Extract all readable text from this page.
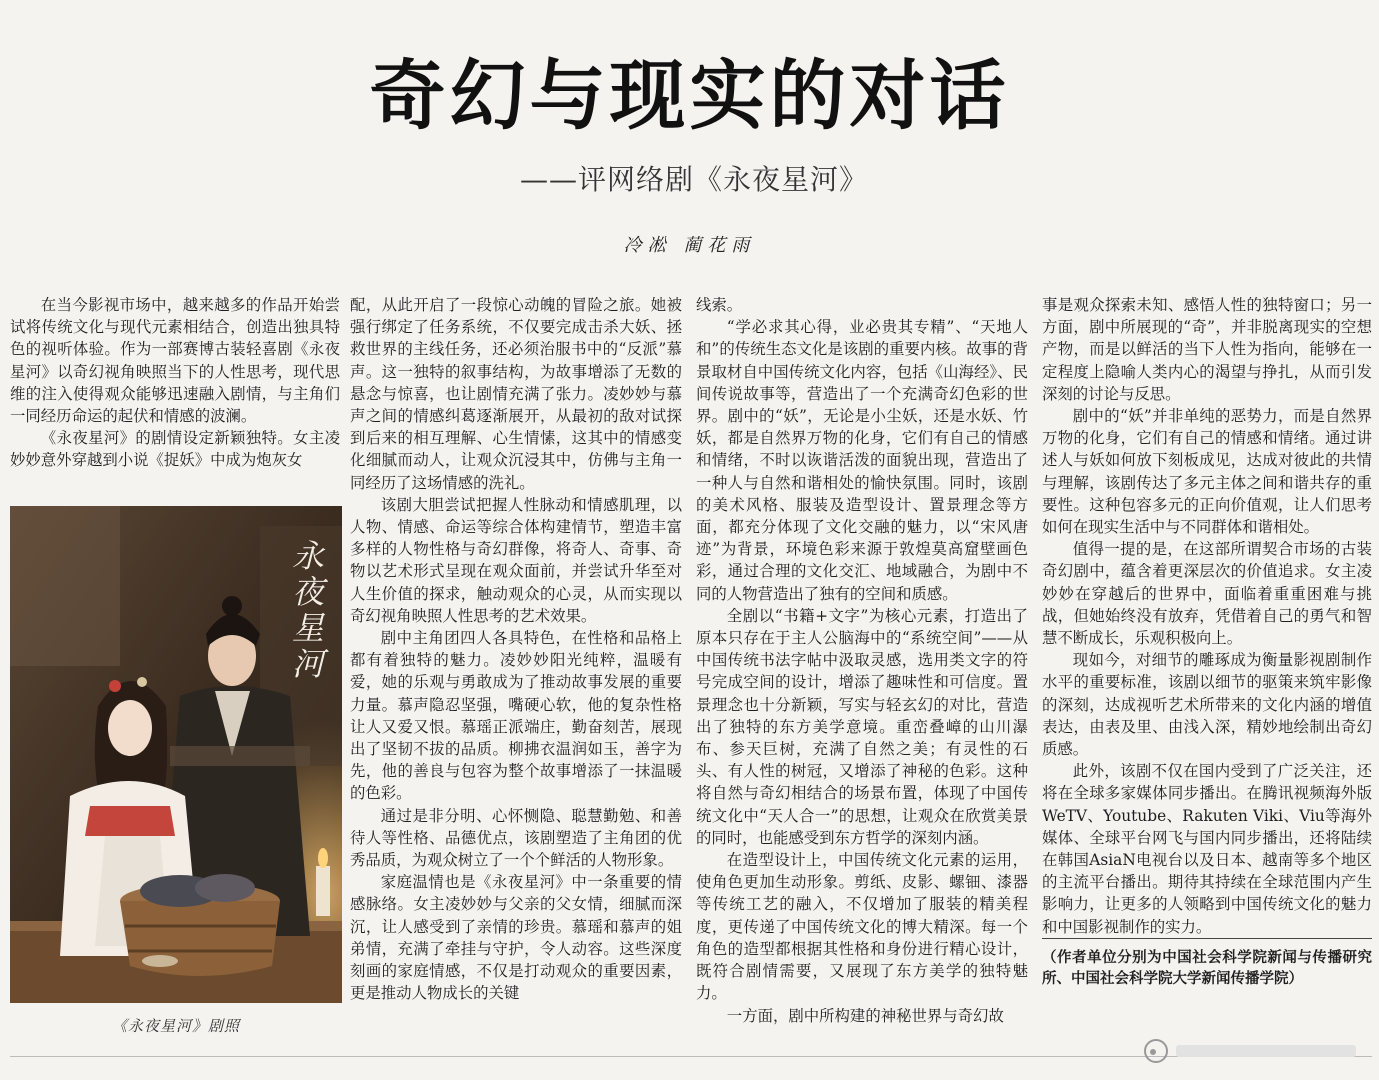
奇幻与现实的对话
——评网络剧《永夜星河》
冷凇 蔺花雨

在当今影视市场中，越来越多的作品开始尝试将传统文化与现代元素相结合，创造出独具特色的视听体验。作为一部赛博古装轻喜剧《永夜星河》以奇幻视角映照当下的人性思考，现代思维的注入使得观众能够迅速融入剧情，与主角们一同经历命运的起伏和情感的波澜。

《永夜星河》的剧情设定新颖独特。女主凌妙妙意外穿越到小说《捉妖》中成为炮灰女

永夜星河
《永夜星河》剧照

配，从此开启了一段惊心动魄的冒险之旅。她被强行绑定了任务系统，不仅要完成击杀大妖、拯救世界的主线任务，还必须治服书中的“反派”慕声。这一独特的叙事结构，为故事增添了无数的悬念与惊喜，也让剧情充满了张力。凌妙妙与慕声之间的情感纠葛逐渐展开，从最初的敌对试探到后来的相互理解、心生情愫，这其中的情感变化细腻而动人，让观众沉浸其中，仿佛与主角一同经历了这场情感的洗礼。

该剧大胆尝试把握人性脉动和情感肌理，以人物、情感、命运等综合体构建情节，塑造丰富多样的人物性格与奇幻群像，将奇人、奇事、奇物以艺术形式呈现在观众面前，并尝试升华至对人生价值的探求，触动观众的心灵，从而实现以奇幻视角映照人性思考的艺术效果。

剧中主角团四人各具特色，在性格和品格上都有着独特的魅力。凌妙妙阳光纯粹，温暖有爱，她的乐观与勇敢成为了推动故事发展的重要力量。慕声隐忍坚强，嘴硬心软，他的复杂性格让人又爱又恨。慕瑶正派端庄，勤奋刻苦，展现出了坚韧不拔的品质。柳拂衣温润如玉，善字为先，他的善良与包容为整个故事增添了一抹温暖的色彩。

通过是非分明、心怀恻隐、聪慧勤勉、和善待人等性格、品德优点，该剧塑造了主角团的优秀品质，为观众树立了一个个鲜活的人物形象。

家庭温情也是《永夜星河》中一条重要的情感脉络。女主凌妙妙与父亲的父女情，细腻而深沉，让人感受到了亲情的珍贵。慕瑶和慕声的姐弟情，充满了牵挂与守护，令人动容。这些深度刻画的家庭情感，不仅是打动观众的重要因素，更是推动人物成长的关键

线索。

“学必求其心得，业必贵其专精”、“天地人和”的传统生态文化是该剧的重要内核。故事的背景取材自中国传统文化内容，包括《山海经》、民间传说故事等，营造出了一个充满奇幻色彩的世界。剧中的“妖”，无论是小尘妖，还是水妖、竹妖，都是自然界万物的化身，它们有自己的情感和情绪，不时以诙谐活泼的面貌出现，营造出了一种人与自然和谐相处的愉快氛围。同时，该剧的美术风格、服装及造型设计、置景理念等方面，都充分体现了文化交融的魅力，以“宋风唐迹”为背景，环境色彩来源于敦煌莫高窟壁画色彩，通过合理的文化交汇、地域融合，为剧中不同的人物营造出了独有的空间和质感。

全剧以“书籍+文字”为核心元素，打造出了原本只存在于主人公脑海中的“系统空间”——从中国传统书法字帖中汲取灵感，选用类文字的符号完成空间的设计，增添了趣味性和可信度。置景理念也十分新颖，写实与轻玄幻的对比，营造出了独特的东方美学意境。重峦叠嶂的山川瀑布、参天巨树，充满了自然之美；有灵性的石头、有人性的树冠，又增添了神秘的色彩。这种将自然与奇幻相结合的场景布置，体现了中国传统文化中“天人合一”的思想，让观众在欣赏美景的同时，也能感受到东方哲学的深刻内涵。

在造型设计上，中国传统文化元素的运用，使角色更加生动形象。剪纸、皮影、螺钿、漆器等传统工艺的融入，不仅增加了服装的精美程度，更传递了中国传统文化的博大精深。每一个角色的造型都根据其性格和身份进行精心设计，既符合剧情需要，又展现了东方美学的独特魅力。

一方面，剧中所构建的神秘世界与奇幻故

事是观众探索未知、感悟人性的独特窗口；另一方面，剧中所展现的“奇”，并非脱离现实的空想产物，而是以鲜活的当下人性为指向，能够在一定程度上隐喻人类内心的渴望与挣扎，从而引发深刻的讨论与反思。

剧中的“妖”并非单纯的恶势力，而是自然界万物的化身，它们有自己的情感和情绪。通过讲述人与妖如何放下刻板成见，达成对彼此的共情与理解，该剧传达了多元主体之间和谐共存的重要性。这种包容多元的正向价值观，让人们思考如何在现实生活中与不同群体和谐相处。

值得一提的是，在这部所谓契合市场的古装奇幻剧中，蕴含着更深层次的价值追求。女主凌妙妙在穿越后的世界中，面临着重重困难与挑战，但她始终没有放弃，凭借着自己的勇气和智慧不断成长，乐观积极向上。

现如今，对细节的雕琢成为衡量影视剧制作水平的重要标准，该剧以细节的驱策来筑牢影像的深刻，达成视听艺术所带来的文化内涵的增值表达，由表及里、由浅入深，精妙地绘制出奇幻质感。

此外，该剧不仅在国内受到了广泛关注，还将在全球多家媒体同步播出。在腾讯视频海外版WeTV、Youtube、Rakuten Viki、Viu等海外媒体、全球平台网飞与国内同步播出，还将陆续在韩国AsiaN电视台以及日本、越南等多个地区的主流平台播出。期待其持续在全球范围内产生影响力，让更多的人领略到中国传统文化的魅力和中国影视制作的实力。

（作者单位分别为中国社会科学院新闻与传播研究所、中国社会科学院大学新闻传播学院）
